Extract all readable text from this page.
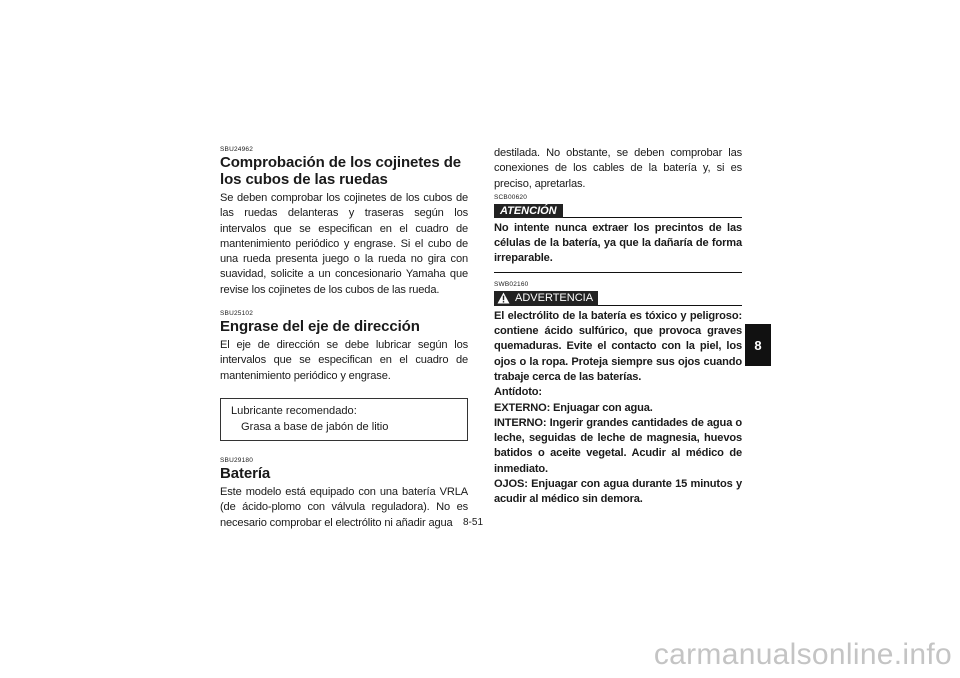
SBU24962

Comprobación de los cojinetes de los cubos de las ruedas

Se deben comprobar los cojinetes de los cubos de las ruedas delanteras y traseras según los intervalos que se especifican en el cuadro de mantenimiento periódico y engrase. Si el cubo de una rueda presenta juego o la rueda no gira con suavidad, solicite a un concesionario Yamaha que revise los cojinetes de los cubos de las rueda.

SBU25102

Engrase del eje de dirección

El eje de dirección se debe lubricar según los intervalos que se especifican en el cuadro de mantenimiento periódico y engrase.

Lubricante recomendado:
Grasa a base de jabón de litio

SBU29180

Batería

Este modelo está equipado con una batería VRLA (de ácido-plomo con válvula reguladora). No es necesario comprobar el electrólito ni añadir agua

destilada. No obstante, se deben comprobar las conexiones de los cables de la batería y, si es preciso, apretarlas.

SCB00620

ATENCIÓN

No intente nunca extraer los precintos de las células de la batería, ya que la dañaría de forma irreparable.

SWB02160

ADVERTENCIA

El electrólito de la batería es tóxico y peligroso: contiene ácido sulfúrico, que provoca graves quemaduras. Evite el contacto con la piel, los ojos o la ropa. Proteja siempre sus ojos cuando trabaje cerca de las baterías.

Antídoto:

EXTERNO: Enjuagar con agua.

INTERNO: Ingerir grandes cantidades de agua o leche, seguidas de leche de magnesia, huevos batidos o aceite vegetal. Acudir al médico de inmediato.

OJOS: Enjuagar con agua durante 15 minutos y acudir al médico sin demora.

8
8-51
carmanualsonline.info
